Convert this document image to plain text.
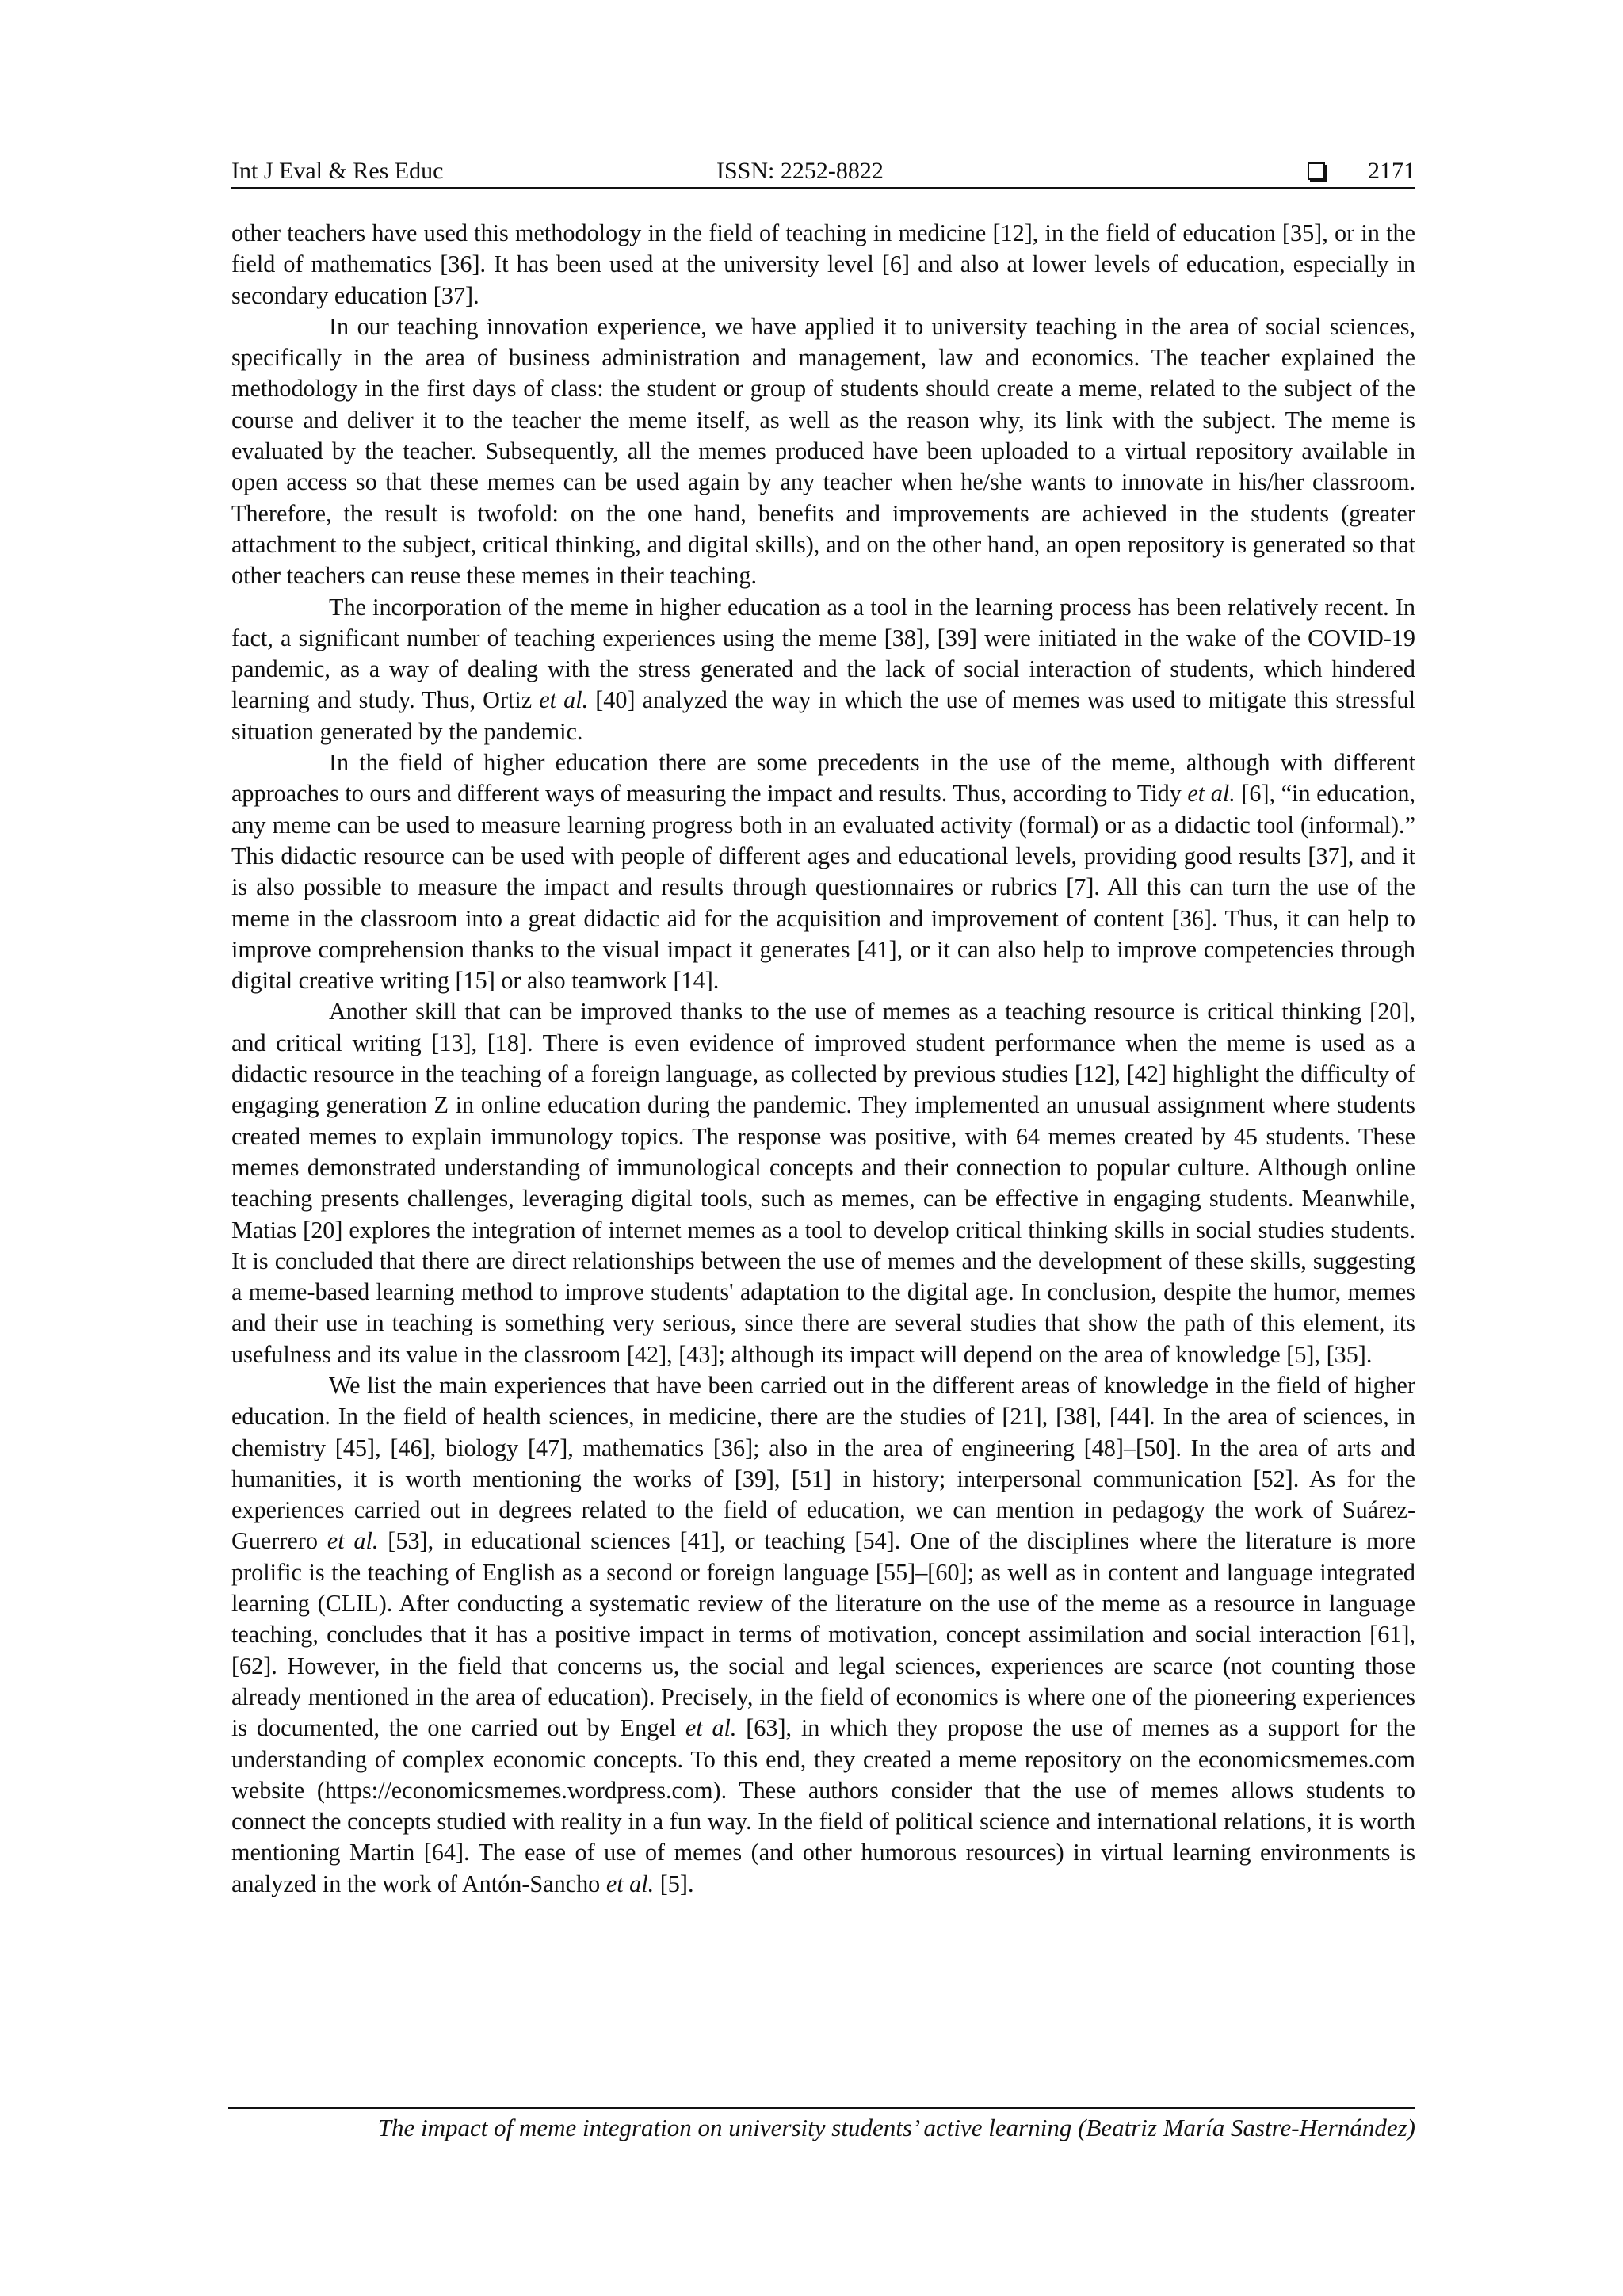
Int J Eval & Res Educ	ISSN: 2252-8822	2171

other teachers have used this methodology in the field of teaching in medicine [12], in the field of education [35], or in the field of mathematics [36]. It has been used at the university level [6] and also at lower levels of education, especially in secondary education [37].

In our teaching innovation experience, we have applied it to university teaching in the area of social sciences, specifically in the area of business administration and management, law and economics. The teacher explained the methodology in the first days of class: the student or group of students should create a meme, related to the subject of the course and deliver it to the teacher the meme itself, as well as the reason why, its link with the subject. The meme is evaluated by the teacher. Subsequently, all the memes produced have been uploaded to a virtual repository available in open access so that these memes can be used again by any teacher when he/she wants to innovate in his/her classroom. Therefore, the result is twofold: on the one hand, benefits and improvements are achieved in the students (greater attachment to the subject, critical thinking, and digital skills), and on the other hand, an open repository is generated so that other teachers can reuse these memes in their teaching.

The incorporation of the meme in higher education as a tool in the learning process has been relatively recent. In fact, a significant number of teaching experiences using the meme [38], [39] were initiated in the wake of the COVID-19 pandemic, as a way of dealing with the stress generated and the lack of social interaction of students, which hindered learning and study. Thus, Ortiz et al. [40] analyzed the way in which the use of memes was used to mitigate this stressful situation generated by the pandemic.

In the field of higher education there are some precedents in the use of the meme, although with different approaches to ours and different ways of measuring the impact and results. Thus, according to Tidy et al. [6], “in education, any meme can be used to measure learning progress both in an evaluated activity (formal) or as a didactic tool (informal).” This didactic resource can be used with people of different ages and educational levels, providing good results [37], and it is also possible to measure the impact and results through questionnaires or rubrics [7]. All this can turn the use of the meme in the classroom into a great didactic aid for the acquisition and improvement of content [36]. Thus, it can help to improve comprehension thanks to the visual impact it generates [41], or it can also help to improve competencies through digital creative writing [15] or also teamwork [14].

Another skill that can be improved thanks to the use of memes as a teaching resource is critical thinking [20], and critical writing [13], [18]. There is even evidence of improved student performance when the meme is used as a didactic resource in the teaching of a foreign language, as collected by previous studies [12], [42] highlight the difficulty of engaging generation Z in online education during the pandemic. They implemented an unusual assignment where students created memes to explain immunology topics. The response was positive, with 64 memes created by 45 students. These memes demonstrated understanding of immunological concepts and their connection to popular culture. Although online teaching presents challenges, leveraging digital tools, such as memes, can be effective in engaging students. Meanwhile, Matias [20] explores the integration of internet memes as a tool to develop critical thinking skills in social studies students. It is concluded that there are direct relationships between the use of memes and the development of these skills, suggesting a meme-based learning method to improve students' adaptation to the digital age. In conclusion, despite the humor, memes and their use in teaching is something very serious, since there are several studies that show the path of this element, its usefulness and its value in the classroom [42], [43]; although its impact will depend on the area of knowledge [5], [35].

We list the main experiences that have been carried out in the different areas of knowledge in the field of higher education. In the field of health sciences, in medicine, there are the studies of [21], [38], [44]. In the area of sciences, in chemistry [45], [46], biology [47], mathematics [36]; also in the area of engineering [48]–[50]. In the area of arts and humanities, it is worth mentioning the works of [39], [51] in history; interpersonal communication [52]. As for the experiences carried out in degrees related to the field of education, we can mention in pedagogy the work of Suárez-Guerrero et al. [53], in educational sciences [41], or teaching [54]. One of the disciplines where the literature is more prolific is the teaching of English as a second or foreign language [55]–[60]; as well as in content and language integrated learning (CLIL). After conducting a systematic review of the literature on the use of the meme as a resource in language teaching, concludes that it has a positive impact in terms of motivation, concept assimilation and social interaction [61], [62]. However, in the field that concerns us, the social and legal sciences, experiences are scarce (not counting those already mentioned in the area of education). Precisely, in the field of economics is where one of the pioneering experiences is documented, the one carried out by Engel et al. [63], in which they propose the use of memes as a support for the understanding of complex economic concepts. To this end, they created a meme repository on the economicsmemes.com website (https://economicsmemes.wordpress.com). These authors consider that the use of memes allows students to connect the concepts studied with reality in a fun way. In the field of political science and international relations, it is worth mentioning Martin [64]. The ease of use of memes (and other humorous resources) in virtual learning environments is analyzed in the work of Antón-Sancho et al. [5].

The impact of meme integration on university students’ active learning (Beatriz María Sastre-Hernández)
